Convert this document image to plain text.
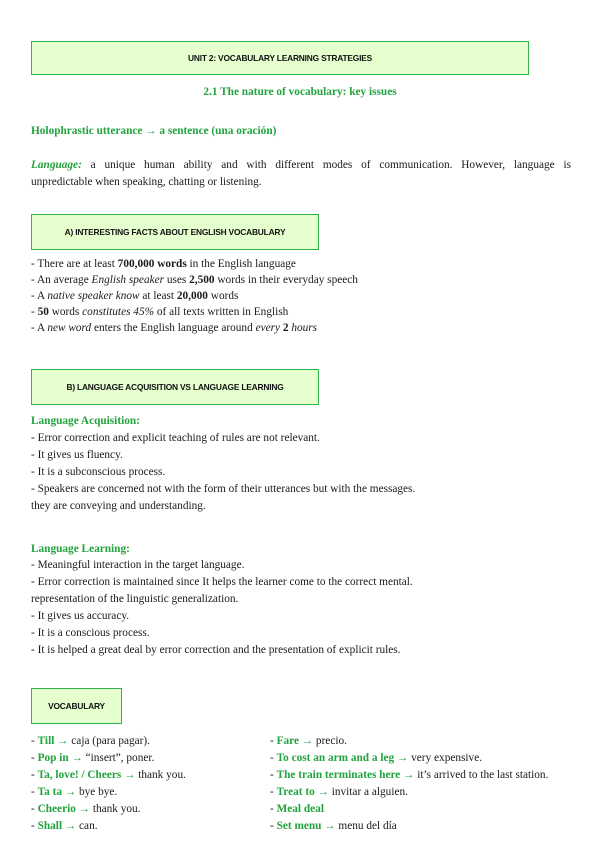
UNIT 2: VOCABULARY LEARNING STRATEGIES
2.1 The nature of vocabulary: key issues
Holophrastic utterance → a sentence (una oración)
Language: a unique human ability and with different modes of communication. However, language is
unpredictable when speaking, chatting or listening.
A) INTERESTING FACTS ABOUT ENGLISH VOCABULARY
- There are at least 700,000 words in the English language
- An average English speaker uses 2,500 words in their everyday speech
- A native speaker know at least 20,000 words
- 50 words constitutes 45% of all texts written in English
- A new word enters the English language around every 2 hours
B) LANGUAGE ACQUISITION VS LANGUAGE LEARNING
Language Acquisition:
- Error correction and explicit teaching of rules are not relevant.
- It gives us fluency.
- It is a subconscious process.
- Speakers are concerned not with the form of their utterances but with the messages.
they are conveying and understanding.
Language Learning:
- Meaningful interaction in the target language.
- Error correction is maintained since It helps the learner come to the correct mental.
representation of the linguistic generalization.
- It gives us accuracy.
- It is a conscious process.
- It is helped a great deal by error correction and the presentation of explicit rules.
VOCABULARY
- Till → caja (para pagar).
- Pop in → “insert”, poner.
- Ta, love! / Cheers → thank you.
- Ta ta → bye bye.
- Cheerio → thank you.
- Shall → can.
- Fare → precio.
- To cost an arm and a leg → very expensive.
- The train terminates here → it’s arrived to the last station.
- Treat to → invitar a alguien.
- Meal deal
- Set menu → menu del día
